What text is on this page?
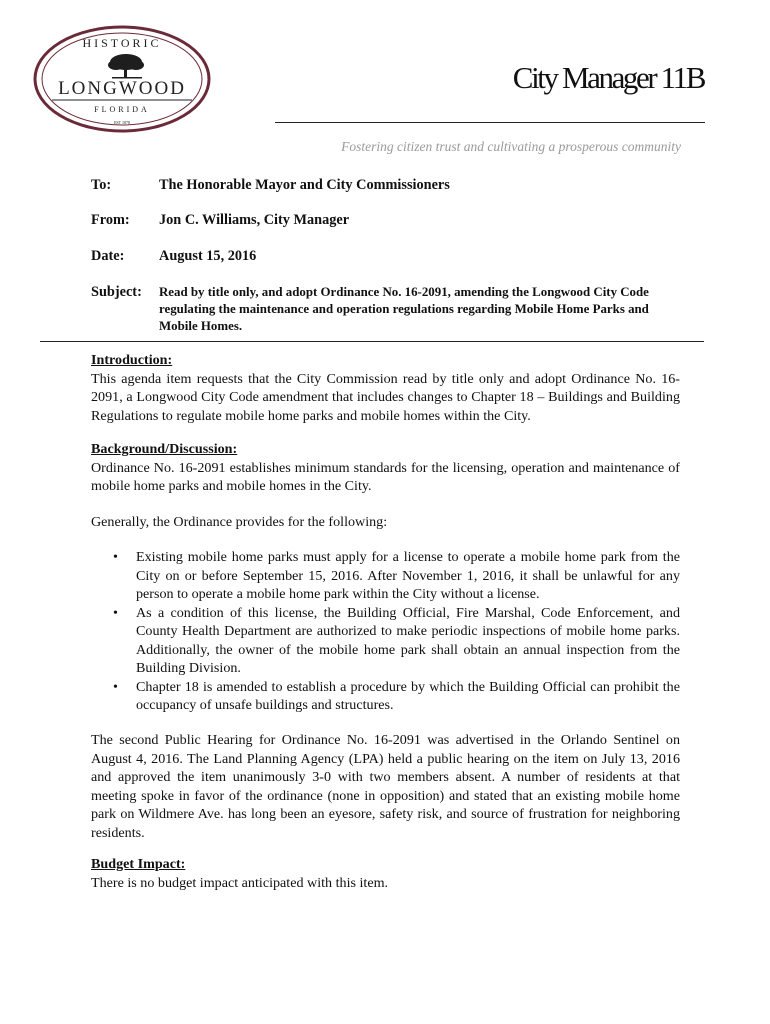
HISTORIC
LONGWOOD
FLORIDA
EST 1878
City Manager 11B
Fostering citizen trust and cultivating a prosperous community
To:	The Honorable Mayor and City Commissioners
From:	Jon C. Williams, City Manager
Date:	August 15, 2016
Subject:	Read by title only, and adopt Ordinance No. 16-2091, amending the Longwood City Code regulating the maintenance and operation regulations regarding Mobile Home Parks and Mobile Homes.
Introduction:

This agenda item requests that the City Commission read by title only and adopt Ordinance No. 16-2091, a Longwood City Code amendment that includes changes to Chapter 18 – Buildings and Building Regulations to regulate mobile home parks and mobile homes within the City.

Background/Discussion:

Ordinance No. 16-2091 establishes minimum standards for the licensing, operation and maintenance of mobile home parks and mobile homes in the City.

Generally, the Ordinance provides for the following:

• Existing mobile home parks must apply for a license to operate a mobile home park from the City on or before September 15, 2016. After November 1, 2016, it shall be unlawful for any person to operate a mobile home park within the City without a license.
• As a condition of this license, the Building Official, Fire Marshal, Code Enforcement, and County Health Department are authorized to make periodic inspections of mobile home parks. Additionally, the owner of the mobile home park shall obtain an annual inspection from the Building Division.
• Chapter 18 is amended to establish a procedure by which the Building Official can prohibit the occupancy of unsafe buildings and structures.

The second Public Hearing for Ordinance No. 16-2091 was advertised in the Orlando Sentinel on August 4, 2016. The Land Planning Agency (LPA) held a public hearing on the item on July 13, 2016 and approved the item unanimously 3-0 with two members absent. A number of residents at that meeting spoke in favor of the ordinance (none in opposition) and stated that an existing mobile home park on Wildmere Ave. has long been an eyesore, safety risk, and source of frustration for neighboring residents.

Budget Impact:

There is no budget impact anticipated with this item.
